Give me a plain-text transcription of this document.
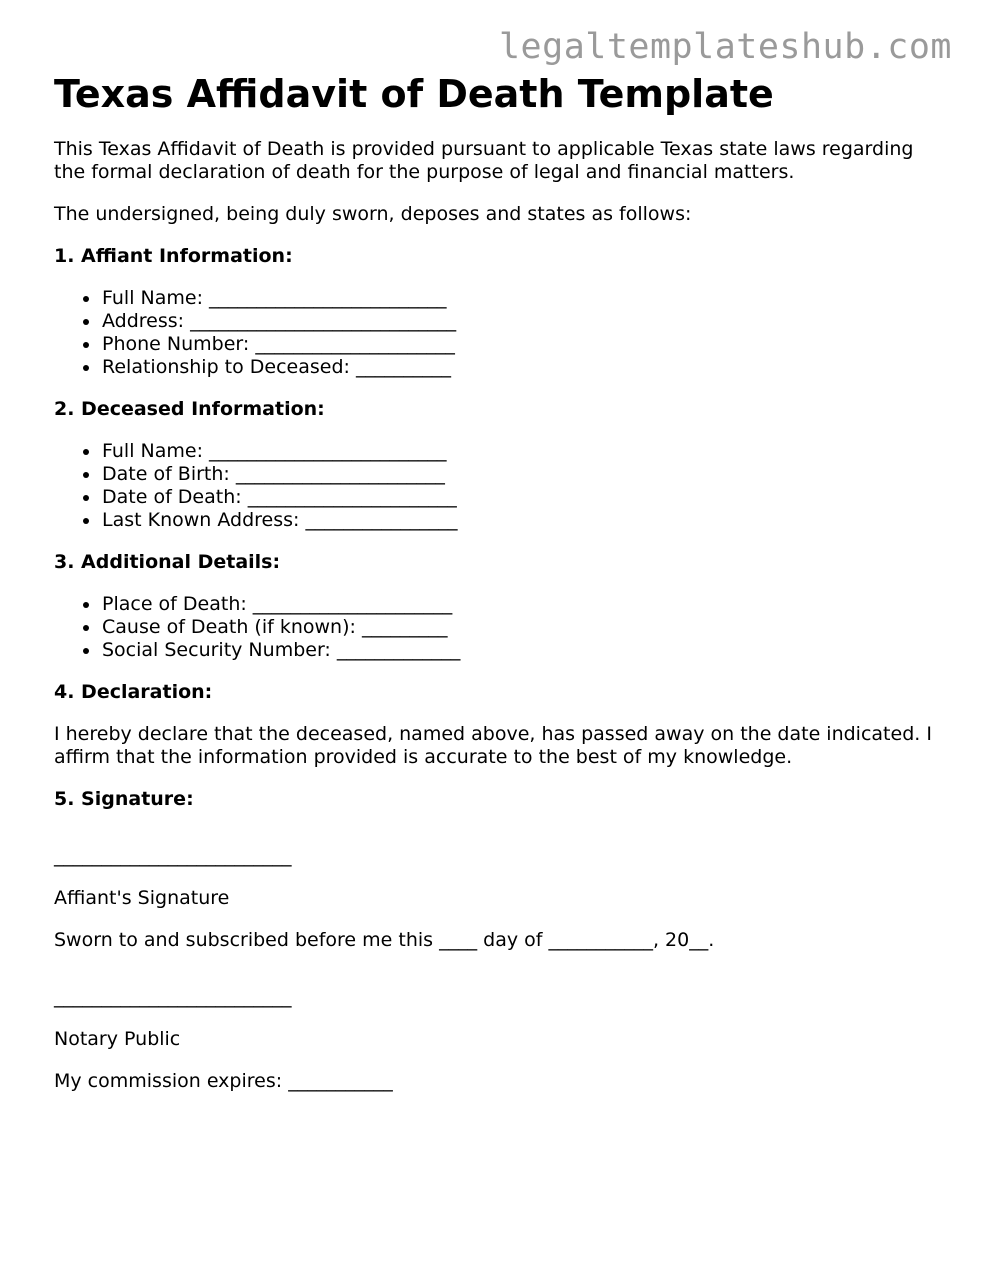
legaltemplateshub.com
Texas Affidavit of Death Template

This Texas Affidavit of Death is provided pursuant to applicable Texas state laws regarding the formal declaration of death for the purpose of legal and financial matters.

The undersigned, being duly sworn, deposes and states as follows:

1. Affiant Information:
Full Name: _________________________
Address: ____________________________
Phone Number: _____________________
Relationship to Deceased: __________
2. Deceased Information:
Full Name: _________________________
Date of Birth: ______________________
Date of Death: ______________________
Last Known Address: ________________
3. Additional Details:
Place of Death: _____________________
Cause of Death (if known): _________
Social Security Number: _____________
4. Declaration:

I hereby declare that the deceased, named above, has passed away on the date indicated. I affirm that the information provided is accurate to the best of my knowledge.

5. Signature:
_________________________
Affiant's Signature
Sworn to and subscribed before me this ____ day of ___________, 20__.
_________________________
Notary Public
My commission expires: ___________
